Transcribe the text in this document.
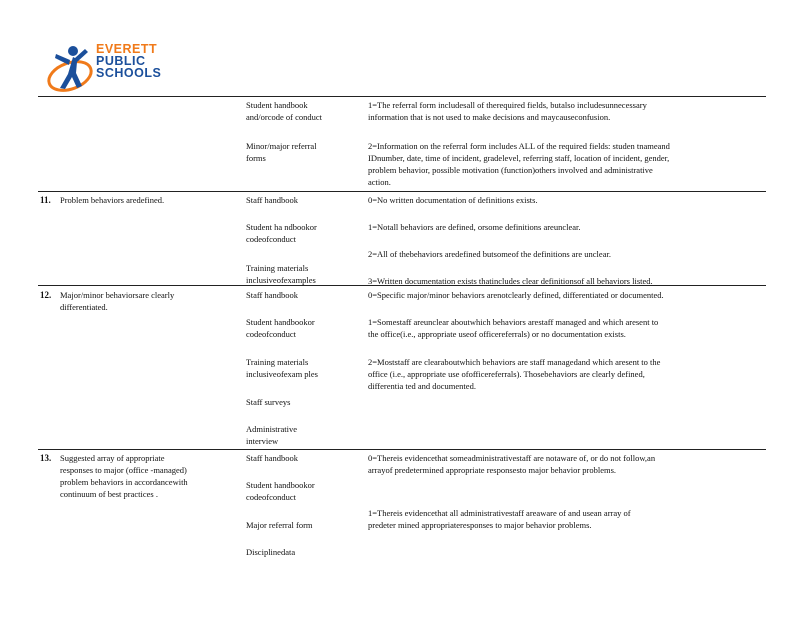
EVERETT
PUBLIC
SCHOOLS
Student handbook
and/orcode of conduct
Minor/major referral
forms
1=The referral form includesall of therequired fields, butalso includesunnecessary
information that is not used to make decisions and maycauseconfusion.
2=Information on the referral form includes ALL of the required fields: studen tnameand
IDnumber, date, time of incident, gradelevel, referring staff, location of incident, gender,
problem behavior, possible motivation (function)others involved and administrative
action.
11. Problem behaviors aredefined.	Staff handbook
Student ha ndbookor
codeofconduct
Training materials
inclusiveofexamples
0=No written documentation of definitions exists.
1=Notall behaviors are defined, orsome definitions areunclear.
2=All of thebehaviors aredefined butsomeof the definitions are unclear.
3=Written documentation exists thatincludes clear definitionsof all behaviors listed.
12. Major/minor behaviorsare clearly
differentiated.
Staff handbook
Student handbookor
codeofconduct
Training materials
inclusiveofexam ples
Staff surveys
Administrative
interview
0=Specific major/minor behaviors arenotclearly defined, differentiated or documented.
1=Somestaff areunclear aboutwhich behaviors arestaff managed and which aresent to
the office(i.e., appropriate useof officereferrals) or no documentation exists.
2=Moststaff are clearaboutwhich behaviors are staff managedand which aresent to the
office (i.e., appropriate use ofofficereferrals). Thosebehaviors are clearly defined,
differentia ted and documented.
13. Suggested array of appropriate
responses to major (office -managed)
problem behaviors in accordancewith
continuum of best practices .
Staff handbook
Student handbookor
codeofconduct
Major referral form
Disciplinedata
0=Thereis evidencethat someadministrativestaff are notaware of, or do not follow,an
arrayof predetermined appropriate responsesto major behavior problems.
1=Thereis evidencethat all administrativestaff areaware of and usean array of
predeter mined appropriateresponses to major behavior problems.
